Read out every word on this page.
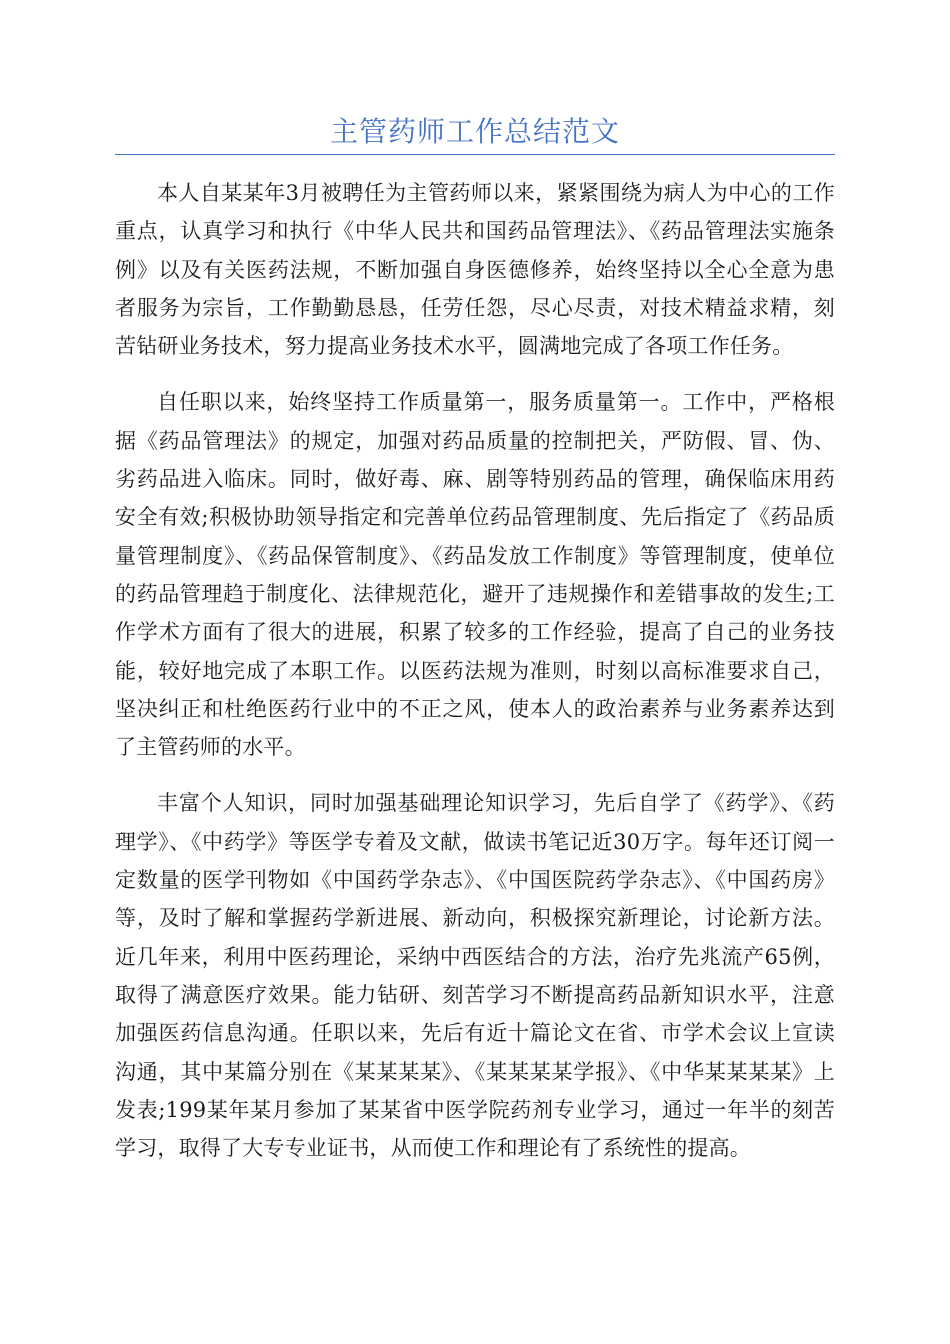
主管药师工作总结范文

本人自某某年3月被聘任为主管药师以来，紧紧围绕为病人为中心的工作重点，认真学习和执行《中华人民共和国药品管理法》、《药品管理法实施条例》以及有关医药法规，不断加强自身医德修养，始终坚持以全心全意为患者服务为宗旨，工作勤勤恳恳，任劳任怨，尽心尽责，对技术精益求精，刻苦钻研业务技术，努力提高业务技术水平，圆满地完成了各项工作任务。

自任职以来，始终坚持工作质量第一，服务质量第一。工作中，严格根据《药品管理法》的规定，加强对药品质量的控制把关，严防假、冒、伪、劣药品进入临床。同时，做好毒、麻、剧等特别药品的管理，确保临床用药安全有效;积极协助领导指定和完善单位药品管理制度、先后指定了《药品质量管理制度》、《药品保管制度》、《药品发放工作制度》等管理制度，使单位的药品管理趋于制度化、法律规范化，避开了违规操作和差错事故的发生;工作学术方面有了很大的进展，积累了较多的工作经验，提高了自己的业务技能，较好地完成了本职工作。以医药法规为准则，时刻以高标准要求自己，坚决纠正和杜绝医药行业中的不正之风，使本人的政治素养与业务素养达到了主管药师的水平。

丰富个人知识，同时加强基础理论知识学习，先后自学了《药学》、《药理学》、《中药学》等医学专着及文献，做读书笔记近30万字。每年还订阅一定数量的医学刊物如《中国药学杂志》、《中国医院药学杂志》、《中国药房》等，及时了解和掌握药学新进展、新动向，积极探究新理论，讨论新方法。近几年来，利用中医药理论，采纳中西医结合的方法，治疗先兆流产65例，取得了满意医疗效果。能力钻研、刻苦学习不断提高药品新知识水平，注意加强医药信息沟通。任职以来，先后有近十篇论文在省、市学术会议上宣读沟通，其中某篇分别在《某某某某》、《某某某某学报》、《中华某某某某》上发表;199某年某月参加了某某省中医学院药剂专业学习，通过一年半的刻苦学习，取得了大专专业证书，从而使工作和理论有了系统性的提高。
